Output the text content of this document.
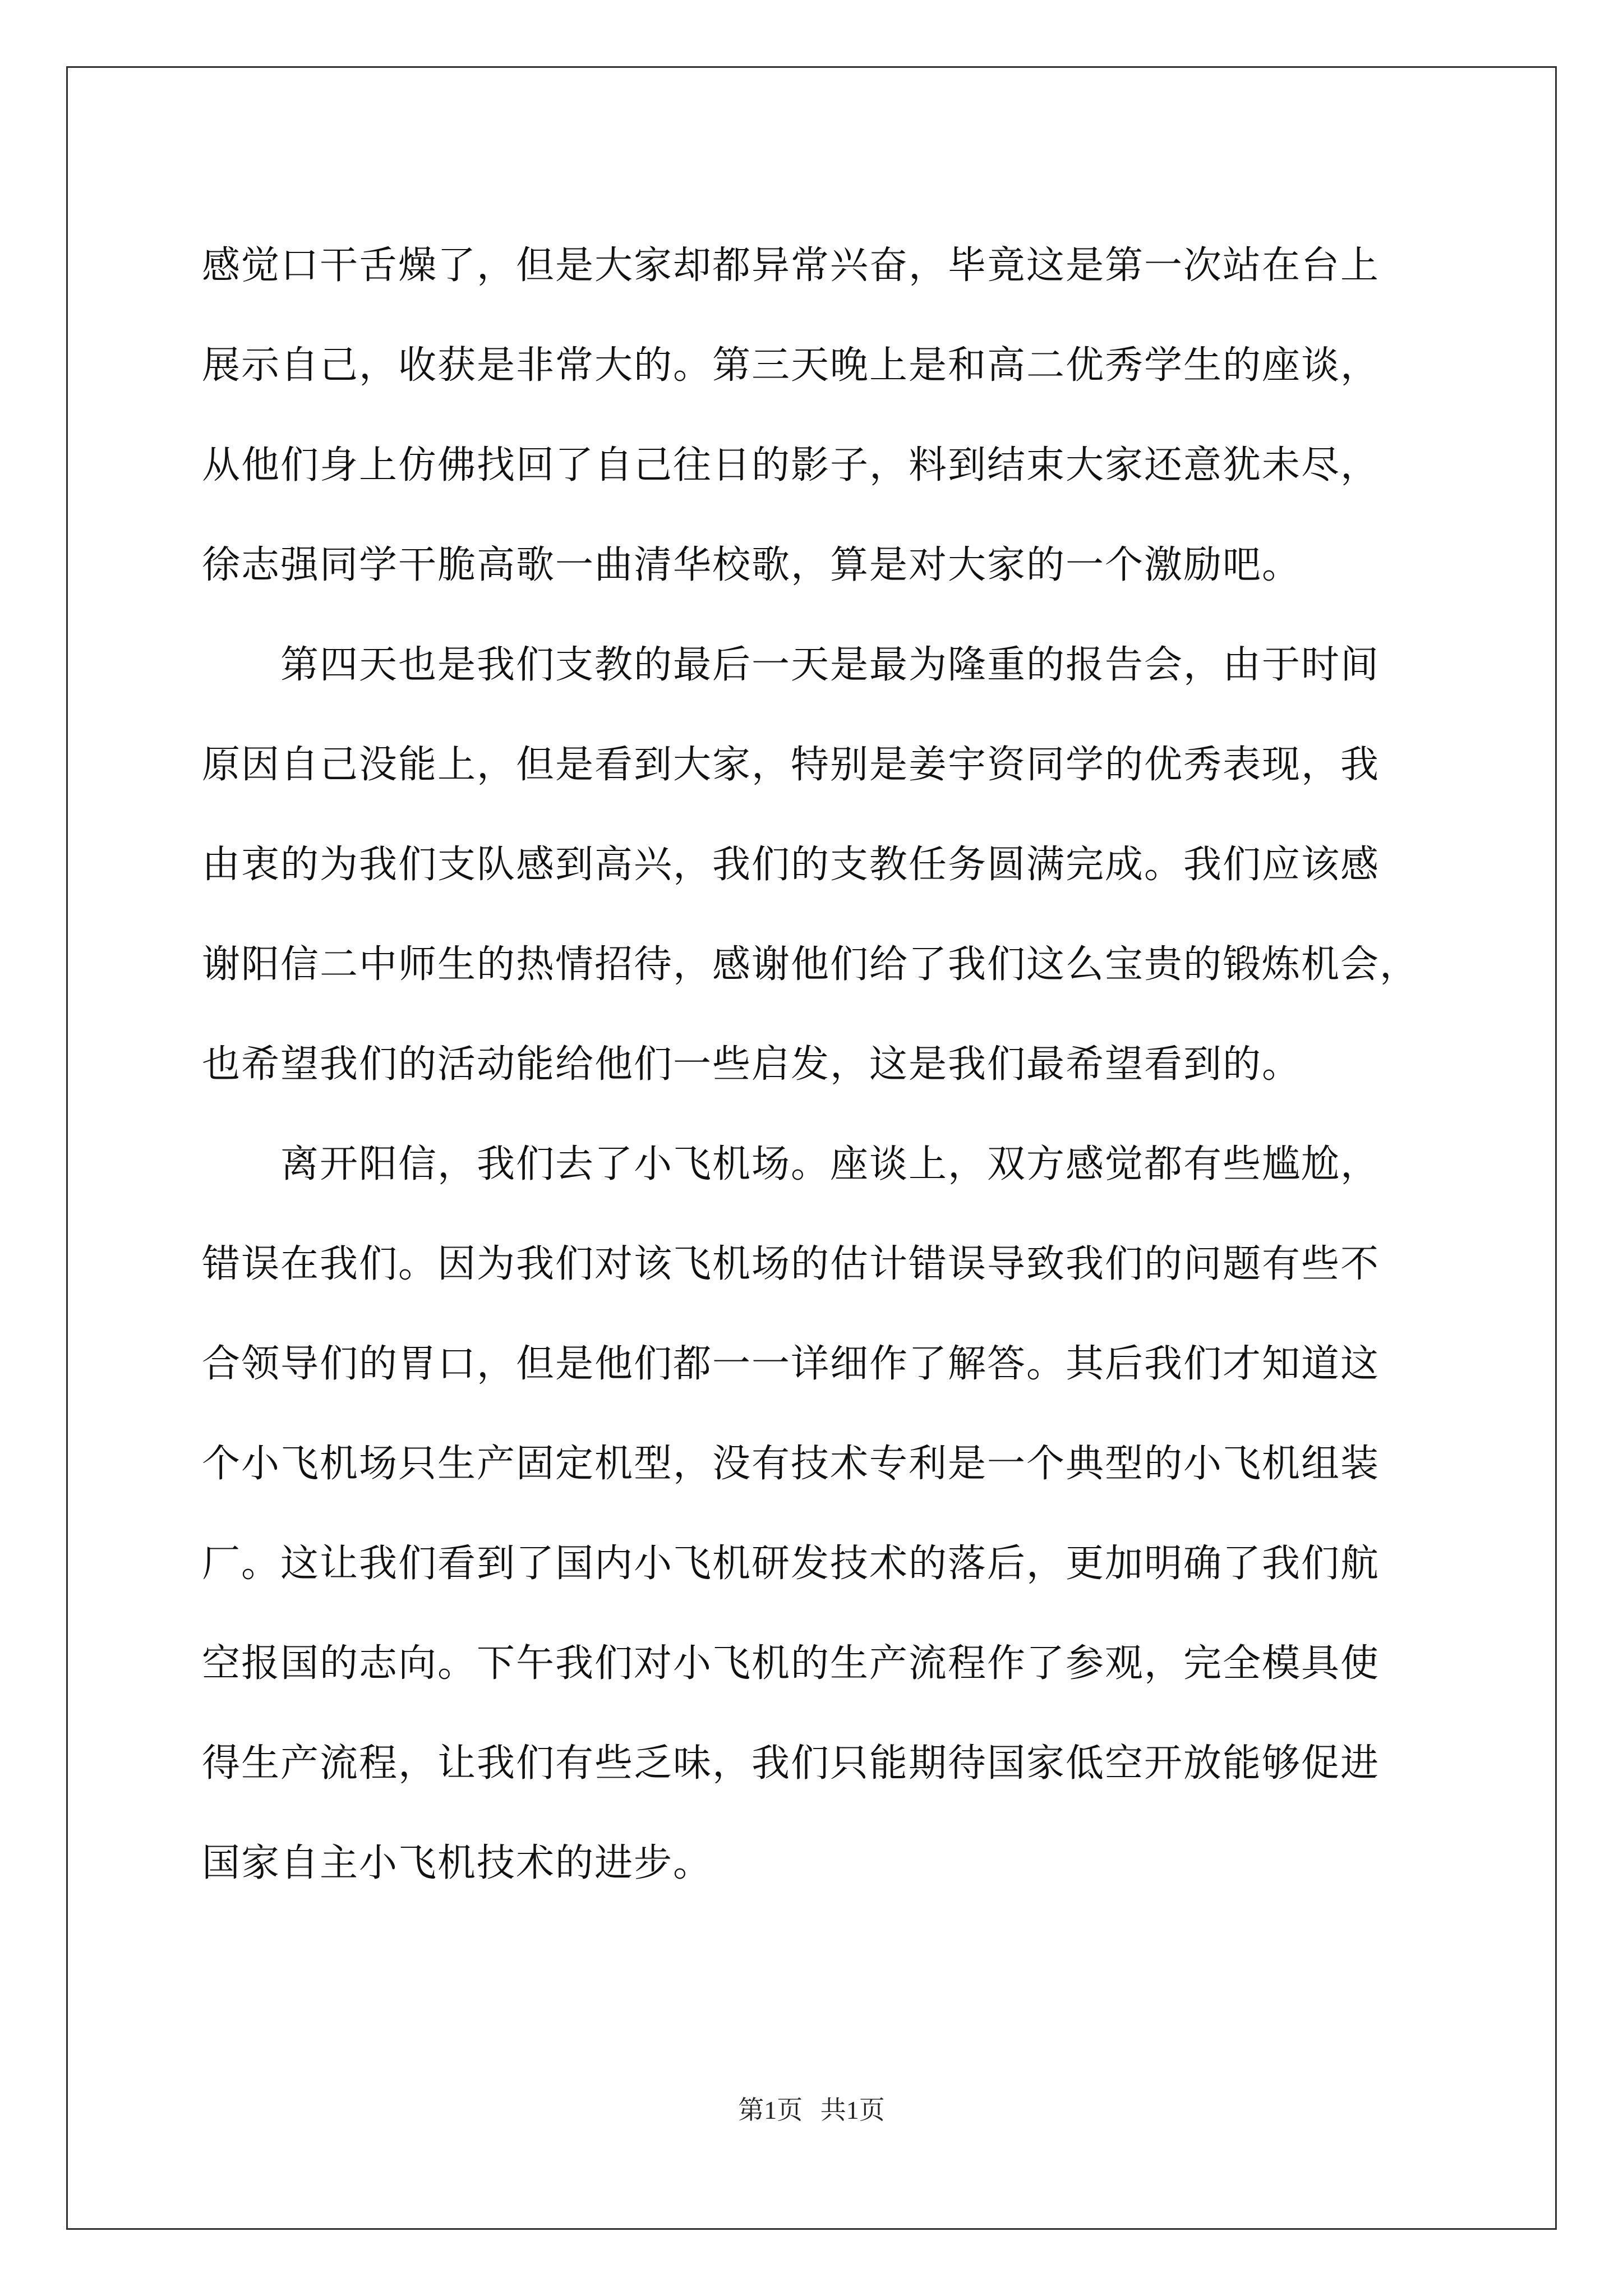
感觉口干舌燥了，但是大家却都异常兴奋，毕竟这是第一次站在台上
展示自己，收获是非常大的。第三天晚上是和高二优秀学生的座谈，
从他们身上仿佛找回了自己往日的影子，料到结束大家还意犹未尽，
徐志强同学干脆高歌一曲清华校歌，算是对大家的一个激励吧。
　　第四天也是我们支教的最后一天是最为隆重的报告会，由于时间
原因自己没能上，但是看到大家，特别是姜宇资同学的优秀表现，我
由衷的为我们支队感到高兴，我们的支教任务圆满完成。我们应该感
谢阳信二中师生的热情招待，感谢他们给了我们这么宝贵的锻炼机会，
也希望我们的活动能给他们一些启发，这是我们最希望看到的。
　　离开阳信，我们去了小飞机场。座谈上，双方感觉都有些尴尬，
错误在我们。因为我们对该飞机场的估计错误导致我们的问题有些不
合领导们的胃口，但是他们都一一详细作了解答。其后我们才知道这
个小飞机场只生产固定机型，没有技术专利是一个典型的小飞机组装
厂。这让我们看到了国内小飞机研发技术的落后，更加明确了我们航
空报国的志向。下午我们对小飞机的生产流程作了参观，完全模具使
得生产流程，让我们有些乏味，我们只能期待国家低空开放能够促进
国家自主小飞机技术的进步。
第1页 共1页
